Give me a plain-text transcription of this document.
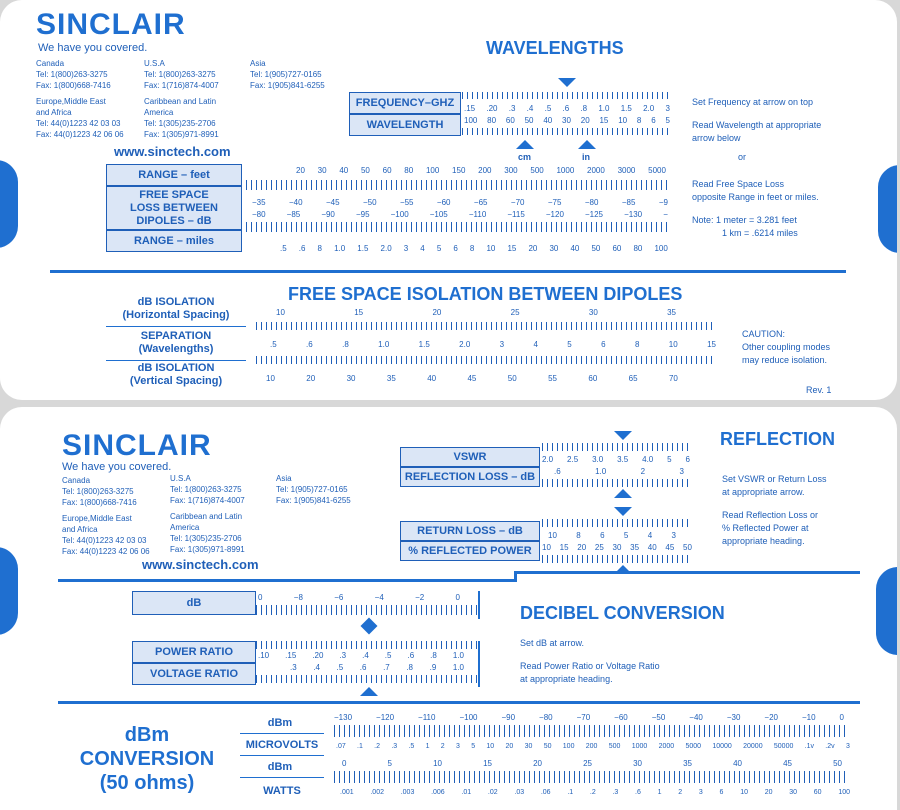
SINCLAIR
We have you covered.
Canada
Tel: 1(800)263-3275
Fax: 1(800)668-7416
U.S.A
Tel: 1(800)263-3275
Fax: 1(716)874-4007
Asia
Tel: 1(905)727-0165
Fax: 1(905)841-6255
Europe,Middle East
and Africa
Tel: 44(0)1223 42 03 03
Fax: 44(0)1223 42 06 06
Caribbean and Latin
America
Tel: 1(305)235-2706
Fax: 1(305)971-8991
www.sinctech.com
WAVELENGTHS
FREQUENCY–GHZ
WAVELENGTH
.15 .20 .3 .4 .5 .6 .8 1.0 1.5 2.0 3
100 80 60 50 40 30 20 15 10 8 6 5
cm	in
Set Frequency at arrow on top
Read Wavelength at appropriate
arrow below
or
Read Free Space Loss
opposite Range in feet or miles.
Note: 1 meter = 3.281 feet
1 km = .6214 miles
RANGE – feet
FREE SPACE
LOSS BETWEEN
DIPOLES – dB
RANGE – miles
20 30 40 50 60 80 100 150 200 300 500 1000 2000 3000 5000
−35	−40	−45	−50	−55	−60	−65	−70	−75	−80	−85	−9
−80	−85	−90	−95	−100	−105	−110	−115	−120	−125	−130	−
.5 .6 8 1.0 1.5 2.0 3 4 5 6 8 10 15 20 30 40 50 60 80 100
FREE SPACE ISOLATION BETWEEN DIPOLES
dB ISOLATION
(Horizontal Spacing)
SEPARATION
(Wavelengths)
dB ISOLATION
(Vertical Spacing)
10	15	20	25	30	35
.5	.6	.8	1.0	1.5	2.0	3	4	5	6	8	10	15
10	20	30	35	40	45	50	55	60	65	70
CAUTION:
Other coupling modes
may reduce isolation.
Rev. 1
SINCLAIR
We have you covered.
Canada
Tel: 1(800)263-3275
Fax: 1(800)668-7416
U.S.A
Tel: 1(800)263-3275
Fax: 1(716)874-4007
Asia
Tel: 1(905)727-0165
Fax: 1(905)841-6255
Europe,Middle East
and Africa
Tel: 44(0)1223 42 03 03
Fax: 44(0)1223 42 06 06
Caribbean and Latin
America
Tel: 1(305)235-2706
Fax: 1(305)971-8991
www.sinctech.com
REFLECTION
VSWR
REFLECTION LOSS – dB
2.0 2.5 3.0 3.5 4.0 5 6
.6	1.0	2	3
RETURN LOSS – dB
% REFLECTED POWER
10 8 6 5 4 3
10 15 20 25 30 35 40 45 50
Set VSWR or Return Loss
at appropriate arrow.
Read Reflection Loss or
% Reflected Power at
appropriate heading.
dB	0	−8	−6	−4	−2	0
DECIBEL CONVERSION
POWER RATIO
VOLTAGE RATIO
.10 .15 .20 .3 .4 .5 .6 .8 1.0
.3 .4 .5 .6 .7 .8 .9 1.0
Set dB at arrow.
Read Power Ratio or Voltage Ratio
at appropriate heading.
dBm
CONVERSION
(50 ohms)
dBm
MICROVOLTS
dBm
WATTS
−130	−120	−110	−100	−90	−80	−70	−60	−50	−40	−30	−20	−10	0
.07 .1 .2 .3 .5 1 2 3 5 10 20 30 50 100 200 500 1000 2000 5000 10000 20000 50000 .1v .2v 3
0	5	10	15	20	25	30	35	40	45	50
.001 .002 .003 .006 .01 .02 .03 .06 .1 .2 .3 .6 1 2 3 6 10 20 30 60 100
